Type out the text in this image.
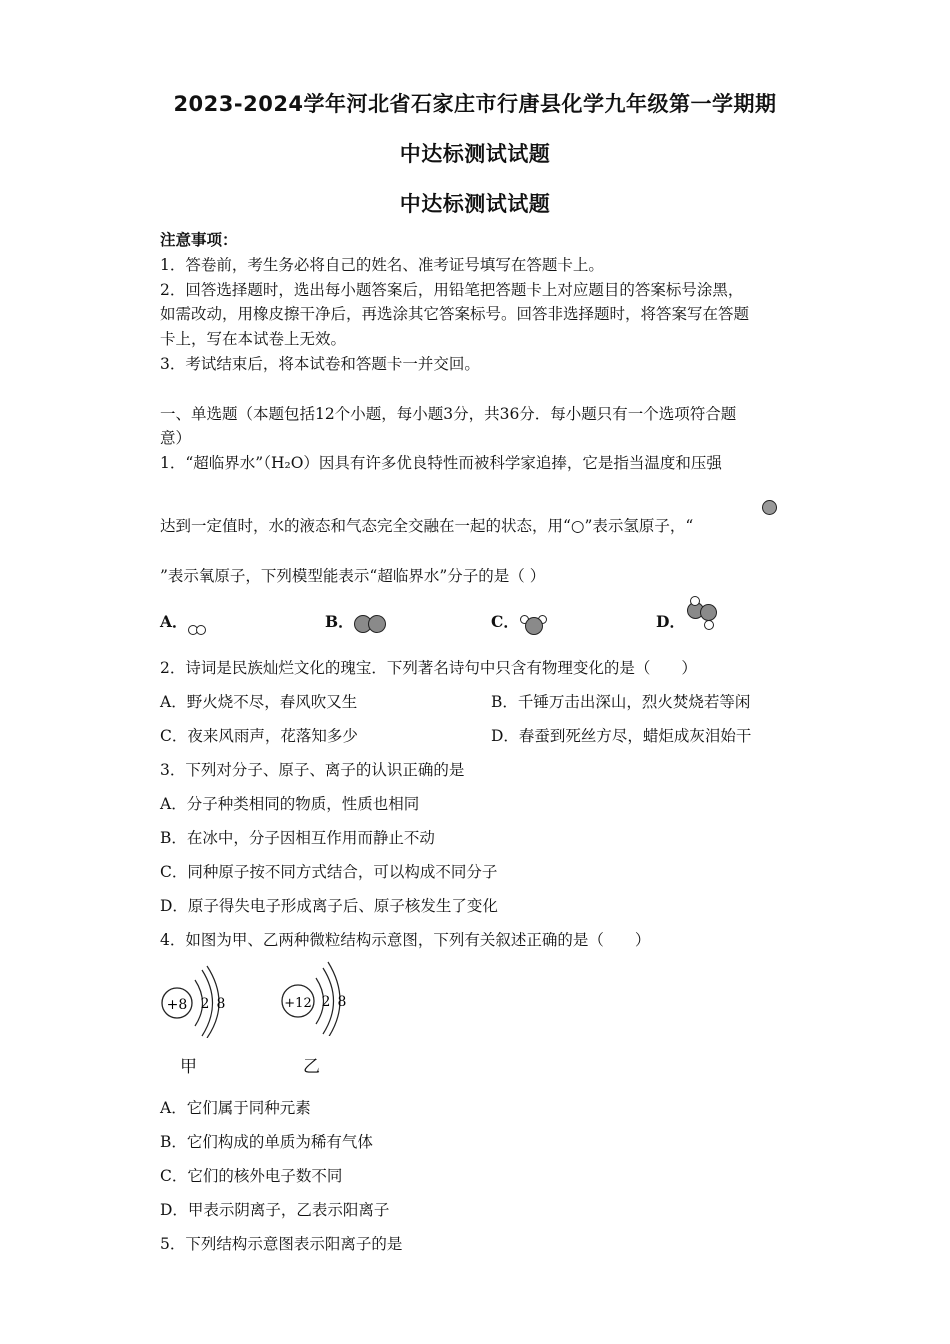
2023-2024学年河北省石家庄市行唐县化学九年级第一学期期
中达标测试试题
中达标测试试题
注意事项：
1．答卷前，考生务必将自己的姓名、准考证号填写在答题卡上。
2．回答选择题时，选出每小题答案后，用铅笔把答题卡上对应题目的答案标号涂黑，
如需改动，用橡皮擦干净后，再选涂其它答案标号。回答非选择题时，将答案写在答题
卡上，写在本试卷上无效。
3．考试结束后，将本试卷和答题卡一并交回。
一、单选题（本题包括12个小题，每小题3分，共36分．每小题只有一个选项符合题
意）
1．“超临界水”（H₂O）因具有许多优良特性而被科学家追捧，它是指当温度和压强
达到一定值时，水的液态和气态完全交融在一起的状态，用“○”表示氢原子，“
”表示氧原子，下列模型能表示“超临界水”分子的是（ ）
A．	B．	C．	D．
2．诗词是民族灿烂文化的瑰宝．下列著名诗句中只含有物理变化的是（　　）
A．野火烧不尽，春风吹又生	B．千锤万击出深山，烈火焚烧若等闲
C．夜来风雨声，花落知多少	D．春蚕到死丝方尽，蜡炬成灰泪始干
3．下列对分子、原子、离子的认识正确的是
A．分子种类相同的物质，性质也相同
B．在冰中，分子因相互作用而静止不动
C．同种原子按不同方式结合，可以构成不同分子
D．原子得失电子形成离子后、原子核发生了变化
4．如图为甲、乙两种微粒结构示意图，下列有关叙述正确的是（　　）
+8 2 8
甲
+12 2 8
乙
A．它们属于同种元素
B．它们构成的单质为稀有气体
C．它们的核外电子数不同
D．甲表示阴离子，乙表示阳离子
5．下列结构示意图表示阳离子的是
